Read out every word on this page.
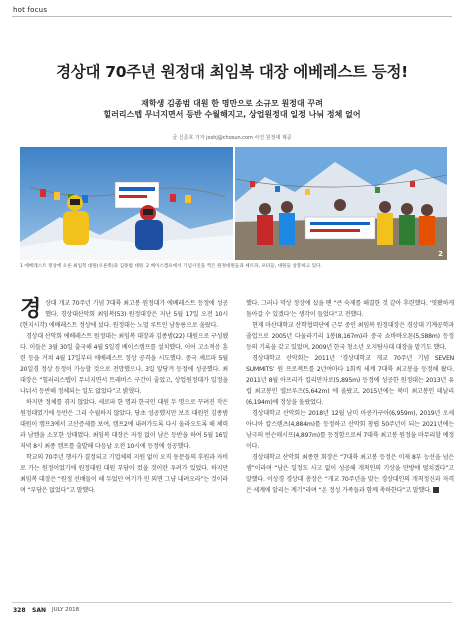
hot focus
경상대 70주년 원정대 최임복 대장 에베레스트 등정!
재학생 김종범 대원 한 명만으로 소규모 원정대 꾸려
힐러리스텝 무너지면서 등반 수월해지고, 상업원정대 일정 나눠 정체 없어
글 신준호 기자 joshj@chosun.com 사진 원정대 제공
2
1 에베레스트 정상에 오른 최임복 대원(오른쪽)과 김종범 대원. 2 베이스캠프에서 기념사진을 찍은 원정대원들과 셰르파, 포터들, 대원들 상봉하고 있다.

경 상대 개교 70주년 기념 7대륙 최고봉 원정대가 에베레스트 등정에 성공했다. 경상대산악회 최임복(53) 원정대장은 지난 5월 17일 오전 10시(현지시각) 에베레스트 정상에 섰다. 원정대는 노멀 루트인 남동릉으로 올랐다.

경상대 산악회 에베레스트 원정대는 최임복 대장과 김종범(22) 대원으로 구성됐다. 이들은 3월 30일 출국해 4월 5일경 베이스캠프를 설치했다. 이어 고소적응 훈련 등을 거쳐 4월 17일부터 에베레스트 정상 공격을 시도했다. 중국 셰르파 5월 20일경 정상 등정이 가능할 것으로 전망했으나, 3일 앞당겨 등정에 성공했다. 최 대장은 “힐러리스텝이 무너지면서 트래버스 구간이 줄었고, 상업원정대가 일정을 나눠서 등반해 정체되는 일도 없었다”고 밝혔다.

하지만 정체를 겪지 않았다. 세로파 한 명과 한국인 대원 두 명으로 꾸려진 작은 원정대였기에 등반은 그리 수월하지 않았다. 당초 성공했지만 보조 대원인 김종범 대원이 캠프3에서 고산증세를 보여, 캠프2에 내려가도록 다시 올라오도록 해 체력과 남캠을 소모한 상태였다. 최임복 대장은 자정 없이 남은 등반을 하여 5월 16일 저녁 8시 최종 캠프를 출발해 다음날 오전 10시에 등정에 성공했다.

학교의 70주년 행사가 결정되고 기업체의 지원 없이 오직 동문들의 후원과 자비로 가는 원정이었기에 원정대원 대원 부담이 컸을 것이란 우려가 있었다. 하지만 최임복 대장은 “원정 선배들이 해 두었던 여기가 인 외면 그냥 내려오라”는 것이라며 “부담은 없었다”고 말했다.

했다. 그러나 막상 정상에 섰을 땐 “큰 숙제를 해결한 것 같아 후련했다. ‘엿봤하게 돌아갈 수 있겠다’는 생각이 들었다”고 전했다.

현재 마산대학교 산학협력단에 근무 중인 최임복 원정대장은 경상대 기계공학과 졸업으로 2005년 다울라기리 1봉(8,167m)과 중국 쇼바바오튼(5,588m) 등정 등의 기록을 갖고 있었며, 2009년 한국 청소년 오지탐사대 대장을 맡기도 했다.

경상대학교 산악회는 2011년 ‘경상대학교 개교 70주년 기념 SEVEN SUMMITS’ 원 프로젝트를 2년여마다 1회씩 세계 7대륙 최고봉을 등정해 왔다. 2011년 8월 아프리카 킬리만자로(5,895m) 등정에 성공한 원정대는 2013년 유럽 최고봉인 엘브루즈(5,642m) 에 올랐고, 2015년에는 북미 최고봉인 데날리(6,194m)에 정상을 올랐었다.

경상대학교 산악회는 2018년 12월 남미 아콩카구아(6,959m), 2019년 오세아니아 칼스텐츠(4,884m)를 등정하고 산악회 창립 50주년이 되는 2021년에는 남극의 빈슨매시프(4,897m)를 등정함으로써 7대륙 최고봉 원정을 마무리할 예정이다.

경상대학교 산악회 최종현 회장은 “7대륙 최고봉 등정은 이제 8부 능선을 넘은 셈”이라며 “남은 일정도 사고 없이 성공해 개척인의 기상을 만방에 떨치겠다”고 말했다. 이상경 경상대 총장은 “개교 70주년을 맞는 경상대인의 개척정신과 자격은 세계에 알리는 계기”라며 “온 정성 가족들과 함께 축하한다”고 말했다.

328 SAN JULY 2018
